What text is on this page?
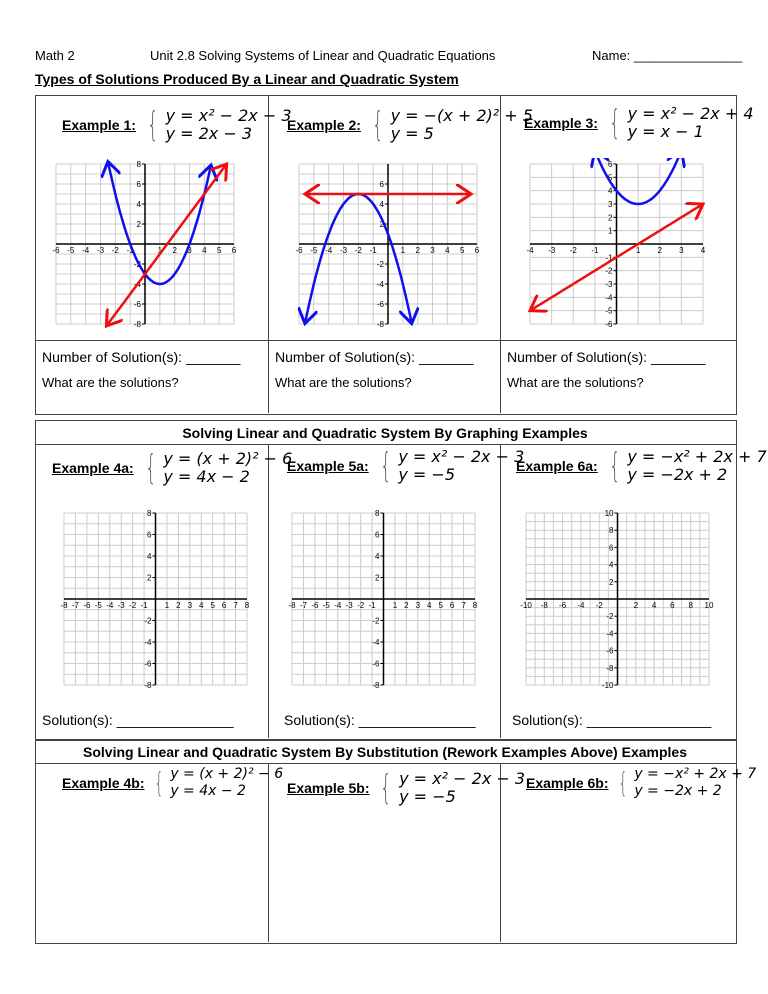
Math 2	Unit 2.8 Solving Systems of Linear and Quadratic Equations	Name: _______________
Types of Solutions Produced By a Linear and Quadratic System
Example 1: { y = x² − 2x − 3
y = 2x − 3	Example 2: { y = −(x + 2)² + 5
y = 5
Example 3: { y = x² − 2x + 4
y = x − 1
-6 -5 -4 -3 -2 -1	1 2 3 4 5 6
-8
-6
-4
-2
2
4
6
8
-6 -5 -4 -3 -2 -1	1 2 3 4 5 6
-8
-6
-4
-2
2
4
6
-4 -3 -2 -1	1 2 3 4
-6
-5
-4
-3
-2
-1
1
2
3
4
5
6
Number of Solution(s): _______ Number of Solution(s): _______ Number of Solution(s): _______
What are the solutions?	What are the solutions?	What are the solutions?
Solving Linear and Quadratic System By Graphing Examples
Example 4a: { y = (x + 2)² − 6
y = 4x − 2
Example 5a: { y = x² − 2x − 3
y = −5	Example 6a: { y = −x² + 2x + 7
y = −2x + 2
-8 -7 -6 -5 -4 -3 -2 -1 1 2 3 4 5 6 7 8
-8
-6
-4
-2
2
4
6
8
-8 -7 -6 -5 -4 -3 -2 -1 1 2 3 4 5 6 7 8
-8
-6
-4
-2
2
4
6
8
-10 -8 -6 -4 -2	2 4 6 8 10
-10
-8
-6
-4
-2
2
4
6
8
10
Solution(s): _______________	Solution(s): _______________	Solution(s): ________________
Solving Linear and Quadratic System By Substitution (Rework Examples Above) Examples
Example 4b: { y = (x + 2)² − 6
y = 4x − 2	Example 5b: { y = x² − 2x − 3
y = −5
Example 6b: { y = −x² + 2x + 7
y = −2x + 2
